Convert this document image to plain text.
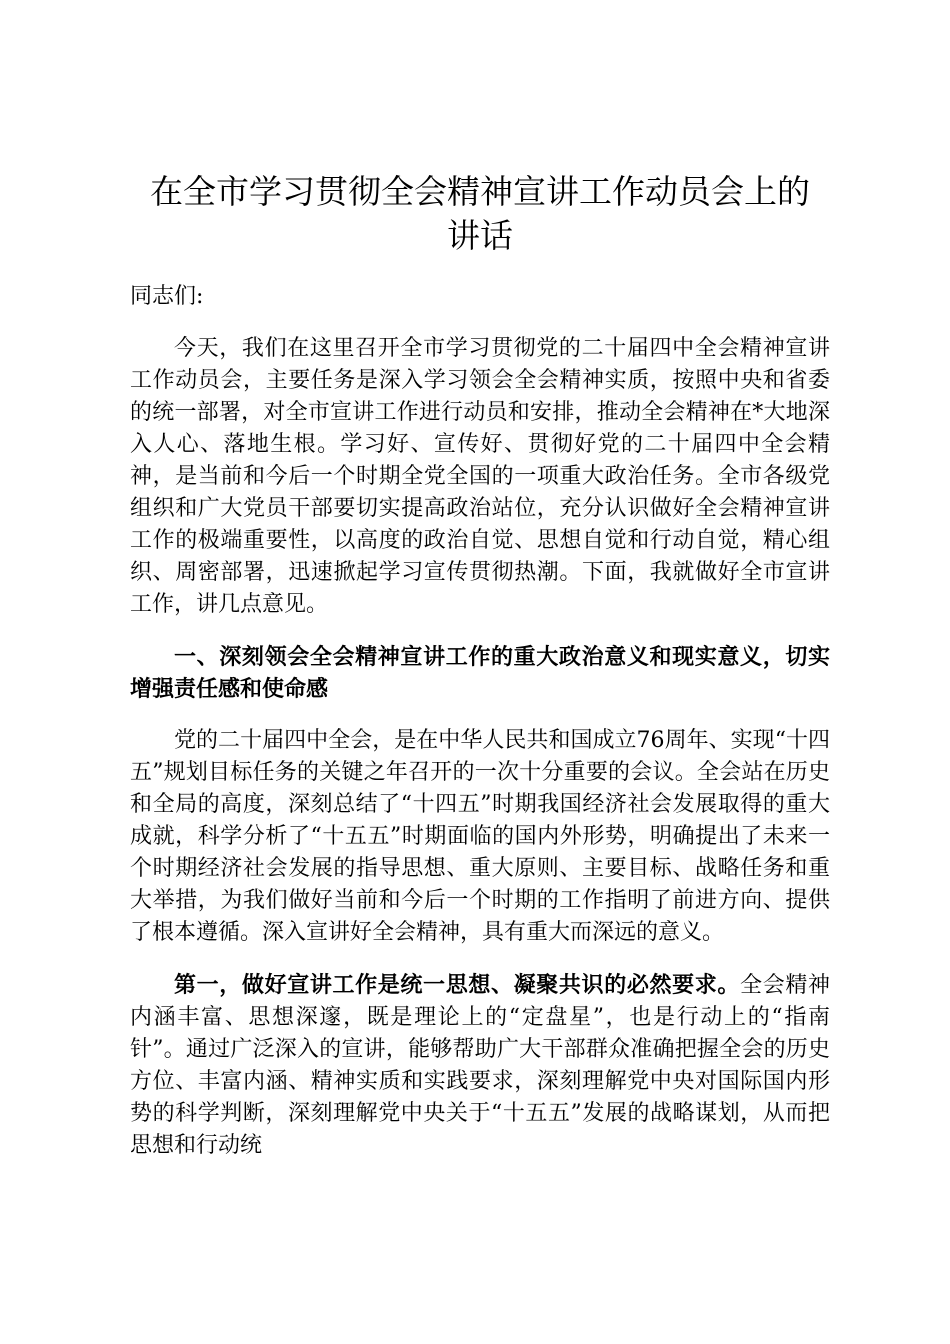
在全市学习贯彻全会精神宣讲工作动员会上的
讲话

同志们:

今天，我们在这里召开全市学习贯彻党的二十届四中全会精神宣讲工作动员会，主要任务是深入学习领会全会精神实质，按照中央和省委的统一部署，对全市宣讲工作进行动员和安排，推动全会精神在*大地深入人心、落地生根。学习好、宣传好、贯彻好党的二十届四中全会精神，是当前和今后一个时期全党全国的一项重大政治任务。全市各级党组织和广大党员干部要切实提高政治站位，充分认识做好全会精神宣讲工作的极端重要性，以高度的政治自觉、思想自觉和行动自觉，精心组织、周密部署，迅速掀起学习宣传贯彻热潮。下面，我就做好全市宣讲工作，讲几点意见。

一、深刻领会全会精神宣讲工作的重大政治意义和现实意义，切实增强责任感和使命感

党的二十届四中全会，是在中华人民共和国成立76周年、实现“十四五”规划目标任务的关键之年召开的一次十分重要的会议。全会站在历史和全局的高度，深刻总结了“十四五”时期我国经济社会发展取得的重大成就，科学分析了“十五五”时期面临的国内外形势，明确提出了未来一个时期经济社会发展的指导思想、重大原则、主要目标、战略任务和重大举措，为我们做好当前和今后一个时期的工作指明了前进方向、提供了根本遵循。深入宣讲好全会精神，具有重大而深远的意义。

第一，做好宣讲工作是统一思想、凝聚共识的必然要求。全会精神内涵丰富、思想深邃，既是理论上的“定盘星”，也是行动上的“指南针”。通过广泛深入的宣讲，能够帮助广大干部群众准确把握全会的历史方位、丰富内涵、精神实质和实践要求，深刻理解党中央对国际国内形势的科学判断，深刻理解党中央关于“十五五”发展的战略谋划，从而把思想和行动统
